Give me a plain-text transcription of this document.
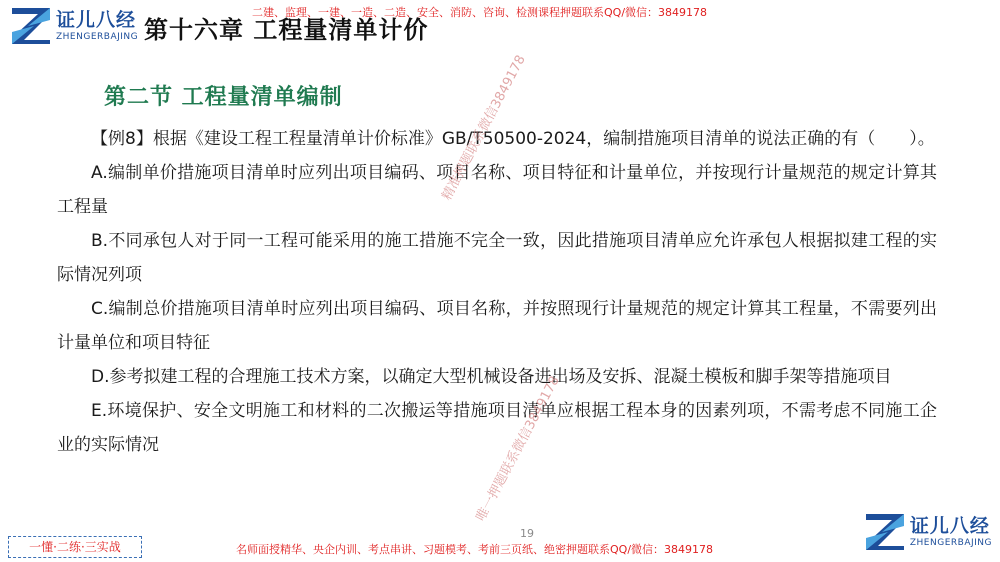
证儿八经
ZHENGERBAJING
二建、监理、一建、一造、二造、安全、消防、咨询、检测课程押题联系QQ/微信：3849178
第十六章 工程量清单计价
第二节 工程量清单编制

【例8】根据《建设工程工程量清单计价标准》GB/T50500-2024，编制措施项目清单的说法正确的有（　　）。

A.编制单价措施项目清单时应列出项目编码、项目名称、项目特征和计量单位，并按现行计量规范的规定计算其工程量

B.不同承包人对于同一工程可能采用的施工措施不完全一致，因此措施项目清单应允许承包人根据拟建工程的实际情况列项

C.编制总价措施项目清单时应列出项目编码、项目名称，并按照现行计量规范的规定计算其工程量，不需要列出计量单位和项目特征

D.参考拟建工程的合理施工技术方案，以确定大型机械设备进出场及安拆、混凝土模板和脚手架等措施项目

E.环境保护、安全文明施工和材料的二次搬运等措施项目清单应根据工程本身的因素列项，不需考虑不同施工企业的实际情况

精准押题联系微信3849178
唯一押题联系微信3849178
一懂·二练·三实战
19
名师面授精华、央企内训、考点串讲、习题模考、考前三页纸、绝密押题联系QQ/微信：3849178
证儿八经
ZHENGERBAJING
